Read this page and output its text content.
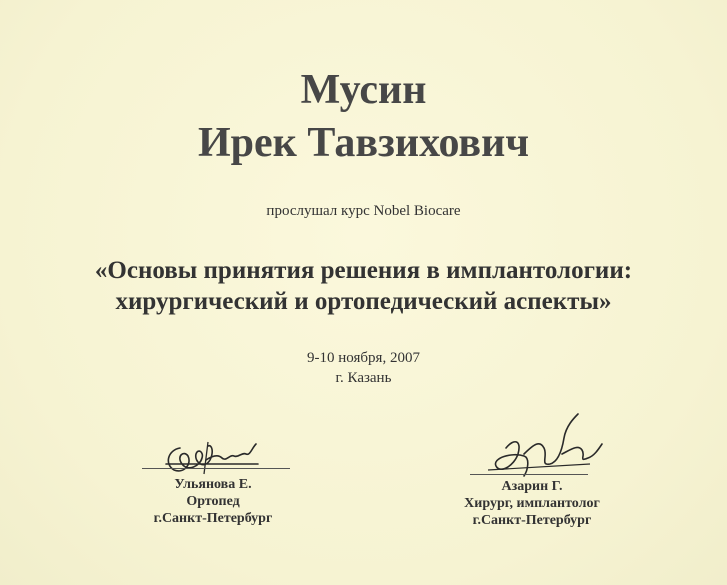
Мусин
Ирек Тавзихович
прослушал курс Nobel Biocare
«Основы принятия решения в имплантологии:
хирургический и ортопедический аспекты»
9-10 ноября, 2007
г. Казань
Ульянова Е.
Ортопед
г.Санкт-Петербург
Азарин Г.
Хирург, имплантолог
г.Санкт-Петербург
